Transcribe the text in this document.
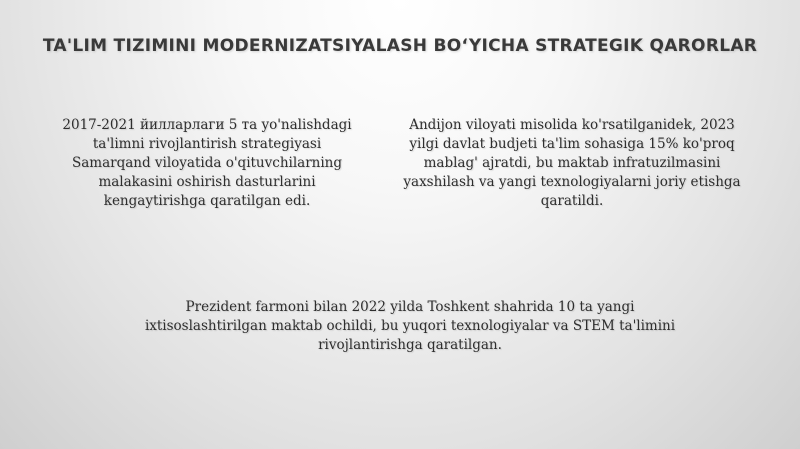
TA'LIM TIZIMINI MODERNIZATSIYALASH BO‘YICHA STRATEGIK QARORLAR
2017-2021 йилларлаги 5 та yo'nalishdagi ta'limni rivojlantirish strategiyasi Samarqand viloyatida o'qituvchilarning malakasini oshirish dasturlarini kengaytirishga qaratilgan edi.
Andijon viloyati misolida ko'rsatilganidek, 2023 yilgi davlat budjeti ta'lim sohasiga 15% ko'proq mablag' ajratdi, bu maktab infratuzilmasini yaxshilash va yangi texnologiyalarni joriy etishga qaratildi.
Prezident farmoni bilan 2022 yilda Toshkent shahrida 10 ta yangi ixtisoslashtirilgan maktab ochildi, bu yuqori texnologiyalar va STEM ta'limini rivojlantirishga qaratilgan.
